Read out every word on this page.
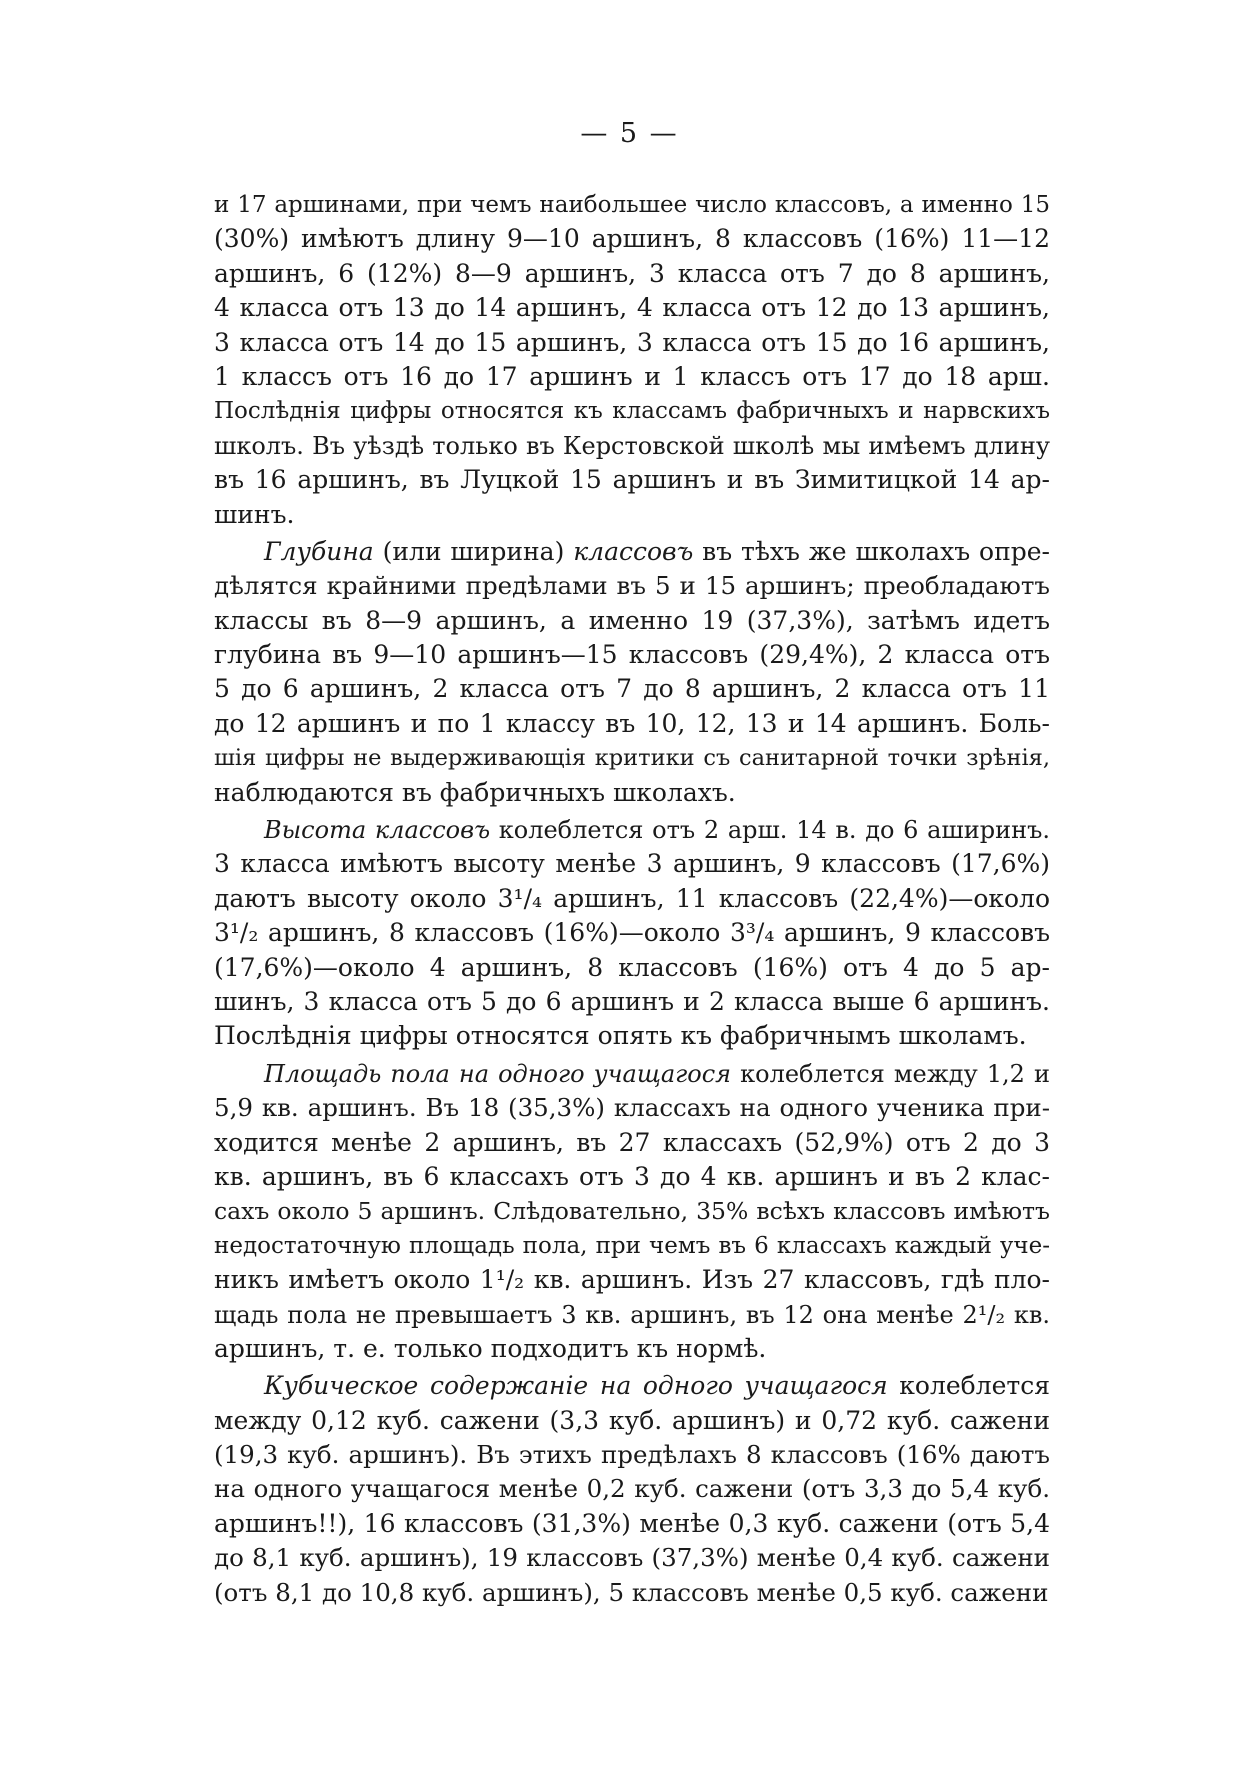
— 5 —
и 17 аршинами, при чемъ наибольшее число классовъ, а именно 15
(30%) имѣютъ длину 9—10 аршинъ, 8 классовъ (16%) 11—12
аршинъ, 6 (12%) 8—9 аршинъ, 3 класса отъ 7 до 8 аршинъ,
4 класса отъ 13 до 14 аршинъ, 4 класса отъ 12 до 13 аршинъ,
3 класса отъ 14 до 15 аршинъ, 3 класса отъ 15 до 16 аршинъ,
1 классъ отъ 16 до 17 аршинъ и 1 классъ отъ 17 до 18 арш.
Послѣднія цифры относятся къ классамъ фабричныхъ и нарвскихъ
школъ. Въ уѣздѣ только въ Керстовской школѣ мы имѣемъ длину
въ 16 аршинъ, въ Луцкой 15 аршинъ и въ Зимитицкой 14 ар-
шинъ.
Глубина (или ширина) классовъ въ тѣхъ же школахъ опре-
дѣлятся крайними предѣлами въ 5 и 15 аршинъ; преобладаютъ
классы въ 8—9 аршинъ, а именно 19 (37,3%), затѣмъ идетъ
глубина въ 9—10 аршинъ—15 классовъ (29,4%), 2 класса отъ
5 до 6 аршинъ, 2 класса отъ 7 до 8 аршинъ, 2 класса отъ 11
до 12 аршинъ и по 1 классу въ 10, 12, 13 и 14 аршинъ. Боль-
шія цифры не выдерживающія критики съ санитарной точки зрѣнія,
наблюдаются въ фабричныхъ школахъ.
Высота классовъ колеблется отъ 2 арш. 14 в. до 6 аширинъ.
3 класса имѣютъ высоту менѣе 3 аршинъ, 9 классовъ (17,6%)
даютъ высоту около 3¹/₄ аршинъ, 11 классовъ (22,4%)—около
3¹/₂ аршинъ, 8 классовъ (16%)—около 3³/₄ аршинъ, 9 классовъ
(17,6%)—около 4 аршинъ, 8 классовъ (16%) отъ 4 до 5 ар-
шинъ, 3 класса отъ 5 до 6 аршинъ и 2 класса выше 6 аршинъ.
Послѣднія цифры относятся опять къ фабричнымъ школамъ.
Площадь пола на одного учащагося колеблется между 1,2 и
5,9 кв. аршинъ. Въ 18 (35,3%) классахъ на одного ученика при-
ходится менѣе 2 аршинъ, въ 27 классахъ (52,9%) отъ 2 до 3
кв. аршинъ, въ 6 классахъ отъ 3 до 4 кв. аршинъ и въ 2 клас-
сахъ около 5 аршинъ. Слѣдовательно, 35% всѣхъ классовъ имѣютъ
недостаточную площадь пола, при чемъ въ 6 классахъ каждый уче-
никъ имѣетъ около 1¹/₂ кв. аршинъ. Изъ 27 классовъ, гдѣ пло-
щадь пола не превышаетъ 3 кв. аршинъ, въ 12 она менѣе 2¹/₂ кв.
аршинъ, т. е. только подходитъ къ нормѣ.
Кубическое содержаніе на одного учащагося колеблется
между 0,12 куб. сажени (3,3 куб. аршинъ) и 0,72 куб. сажени
(19,3 куб. аршинъ). Въ этихъ предѣлахъ 8 классовъ (16% даютъ
на одного учащагося менѣе 0,2 куб. сажени (отъ 3,3 до 5,4 куб.
аршинъ!!), 16 классовъ (31,3%) менѣе 0,3 куб. сажени (отъ 5,4
до 8,1 куб. аршинъ), 19 классовъ (37,3%) менѣе 0,4 куб. сажени
(отъ 8,1 до 10,8 куб. аршинъ), 5 классовъ менѣе 0,5 куб. сажени
